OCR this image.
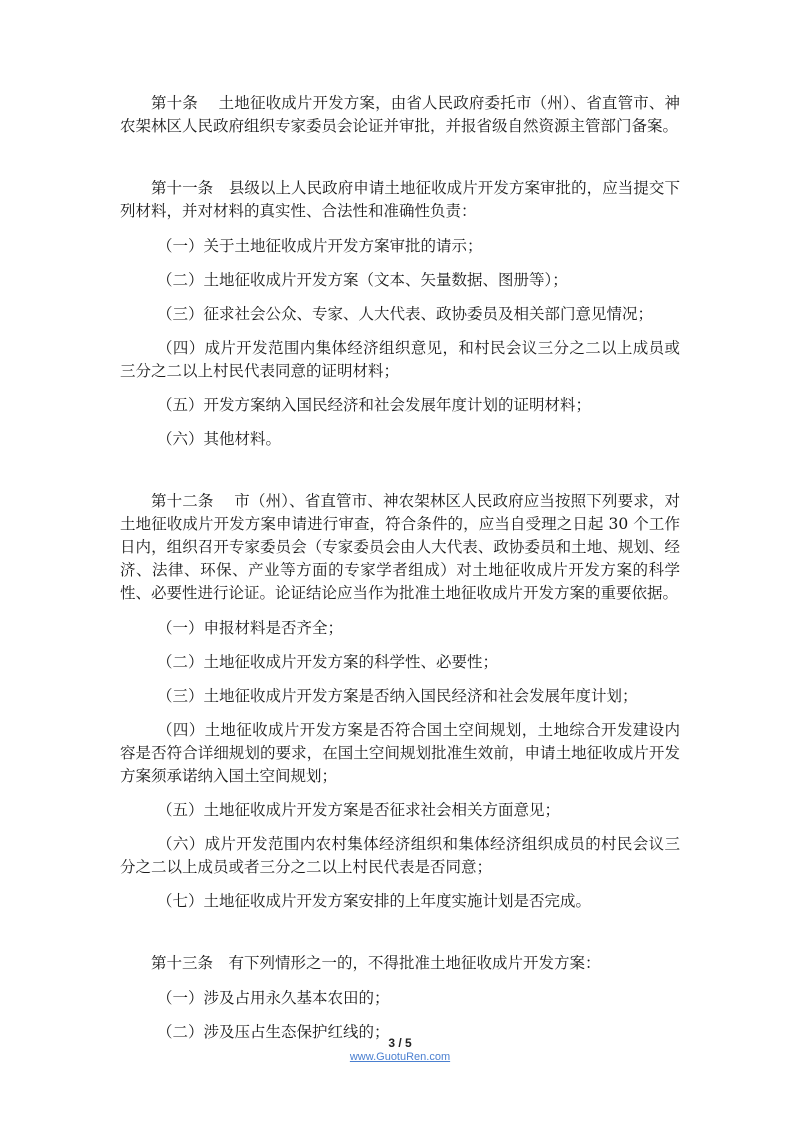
第十条　 土地征收成片开发方案，由省人民政府委托市（州）、省直管市、神农架林区人民政府组织专家委员会论证并审批，并报省级自然资源主管部门备案。

第十一条　 县级以上人民政府申请土地征收成片开发方案审批的，应当提交下列材料，并对材料的真实性、合法性和准确性负责：

（一）关于土地征收成片开发方案审批的请示；

（二）土地征收成片开发方案（文本、矢量数据、图册等）；

（三）征求社会公众、专家、人大代表、政协委员及相关部门意见情况；

（四）成片开发范围内集体经济组织意见，和村民会议三分之二以上成员或三分之二以上村民代表同意的证明材料；

（五）开发方案纳入国民经济和社会发展年度计划的证明材料；

（六）其他材料。

第十二条　 市（州）、省直管市、神农架林区人民政府应当按照下列要求，对土地征收成片开发方案申请进行审查，符合条件的，应当自受理之日起 30 个工作日内，组织召开专家委员会（专家委员会由人大代表、政协委员和土地、规划、经济、法律、环保、产业等方面的专家学者组成）对土地征收成片开发方案的科学性、必要性进行论证。论证结论应当作为批准土地征收成片开发方案的重要依据。

（一）申报材料是否齐全；

（二）土地征收成片开发方案的科学性、必要性；

（三）土地征收成片开发方案是否纳入国民经济和社会发展年度计划；

（四）土地征收成片开发方案是否符合国土空间规划，土地综合开发建设内容是否符合详细规划的要求，在国土空间规划批准生效前，申请土地征收成片开发方案须承诺纳入国土空间规划；

（五）土地征收成片开发方案是否征求社会相关方面意见；

（六）成片开发范围内农村集体经济组织和集体经济组织成员的村民会议三分之二以上成员或者三分之二以上村民代表是否同意；

（七）土地征收成片开发方案安排的上年度实施计划是否完成。

第十三条　 有下列情形之一的，不得批准土地征收成片开发方案：

（一）涉及占用永久基本农田的；

（二）涉及压占生态保护红线的；

3 / 5
www.GuotuRen.com
